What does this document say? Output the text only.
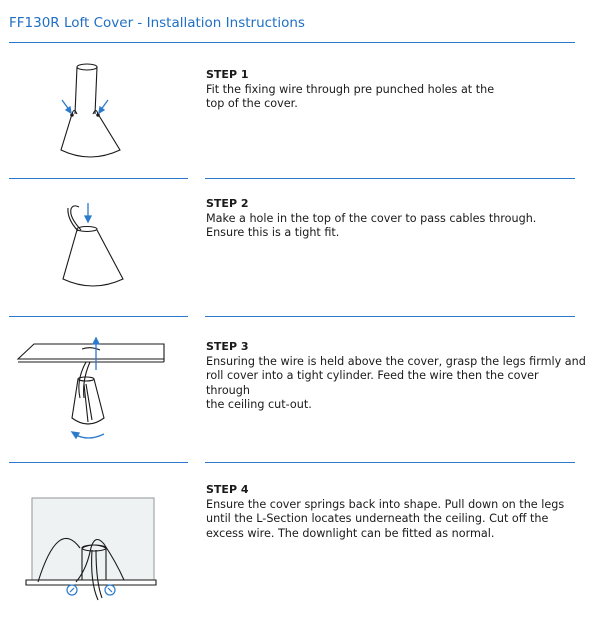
FF130R Loft Cover - Installation Instructions
STEP 1
Fit the fixing wire through pre punched holes at the
top of the cover.
STEP 2
Make a hole in the top of the cover to pass cables through.
Ensure this is a tight fit.
STEP 3
Ensuring the wire is held above the cover, grasp the legs firmly and
roll cover into a tight cylinder. Feed the wire then the cover through
the ceiling cut-out.
STEP 4
Ensure the cover springs back into shape. Pull down on the legs
until the L-Section locates underneath the ceiling. Cut off the
excess wire. The downlight can be fitted as normal.
